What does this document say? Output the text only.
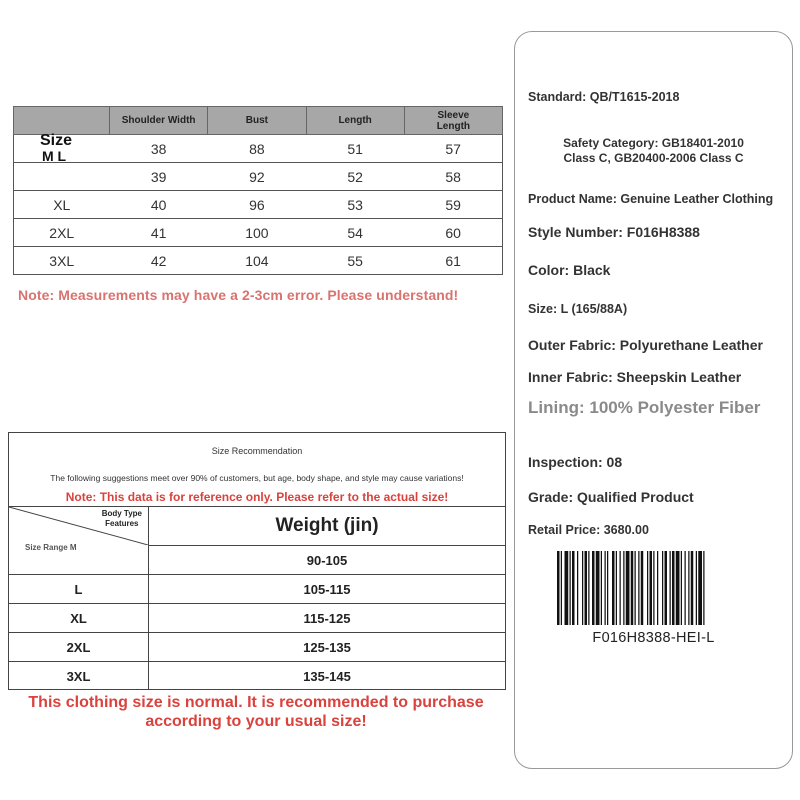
	Shoulder Width	Bust	Length	Sleeve
Length

Size
M L	38	88	51	57
	39	92	52	58
XL	40	96	53	59
2XL	41	100	54	60
3XL	42	104	55	61
Note: Measurements may have a 2-3cm error. Please understand!
Size Recommendation
The following suggestions meet over 90% of customers, but age, body shape, and style may cause variations!
Note: This data is for reference only. Please refer to the actual size!
Body Type
Features
Size Range M	Weight (jin)
	90-105
L	105-115
XL	115-125
2XL	125-135
3XL	135-145
This clothing size is normal. It is recommended to purchase according to your usual size!
Standard: QB/T1615-2018
Safety Category: GB18401-2010
Class C, GB20400-2006 Class C
Product Name: Genuine Leather Clothing
Style Number: F016H8388
Color: Black
Size: L (165/88A)
Outer Fabric: Polyurethane Leather
Inner Fabric: Sheepskin Leather
Lining: 100% Polyester Fiber
Inspection: 08
Grade: Qualified Product
Retail Price: 3680.00
F016H8388-HEI-L
